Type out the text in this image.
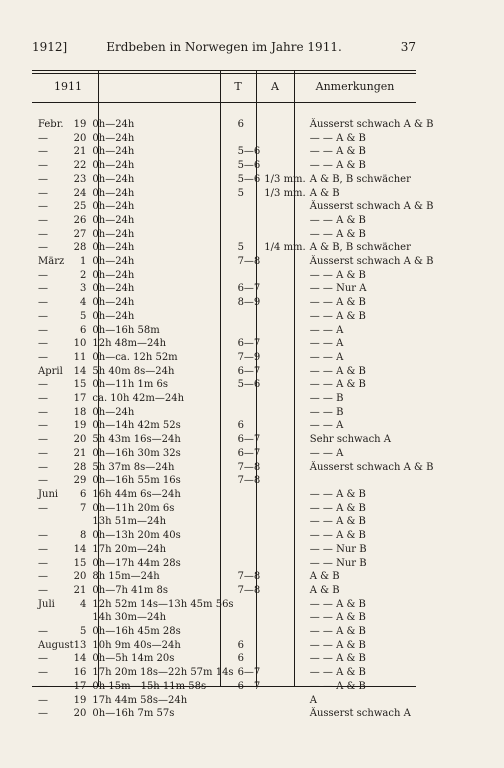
1912]	Erdbeben in Norwegen im Jahre 1911.	37
1911	T	A	Anmerkungen
Febr.	19	0h—24h	6		Äusserst schwach A & B
—	20	0h—24h			— — A & B
—	21	0h—24h	5—6		— — A & B
—	22	0h—24h	5—6		— — A & B
—	23	0h—24h	5—6	1/3 mm.	A & B, B schwächer
—	24	0h—24h	5	1/3 mm.	A & B
—	25	0h—24h			Äusserst schwach A & B
—	26	0h—24h			— — A & B
—	27	0h—24h			— — A & B
—	28	0h—24h	5	1/4 mm.	A & B, B schwächer
März	1	0h—24h	7—8		Äusserst schwach A & B
—	2	0h—24h			— — A & B
—	3	0h—24h	6—7		— — Nur A
—	4	0h—24h	8—9		— — A & B
—	5	0h—24h			— — A & B
—	6	0h—16h 58m			— — A
—	10	12h 48m—24h	6—7		— — A
—	11	0h—ca. 12h 52m	7—9		— — A
April	14	5h 40m 8s—24h	6—7		— — A & B
—	15	0h—11h 1m 6s	5—6		— — A & B
—	17	ca. 10h 42m—24h			— — B
—	18	0h—24h			— — B
—	19	0h—14h 42m 52s	6		— — A
—	20	5h 43m 16s—24h	6—7		Sehr schwach A
—	21	0h—16h 30m 32s	6—7		— — A
—	28	5h 37m 8s—24h	7—8		Äusserst schwach A & B
—	29	0h—16h 55m 16s	7—8		
Juni	6	16h 44m 6s—24h			— — A & B
—	7	0h—11h 20m 6s			— — A & B
		13h 51m—24h			— — A & B
—	8	0h—13h 20m 40s			— — A & B
—	14	17h 20m—24h			— — Nur B
—	15	0h—17h 44m 28s			— — Nur B
—	20	8h 15m—24h	7—8		A & B
—	21	0h—7h 41m 8s	7—8		A & B
Juli	4	12h 52m 14s—13h 45m 56s			— — A & B
		14h 30m—24h			— — A & B
—	5	0h—16h 45m 28s			— — A & B
August	13	10h 9m 40s—24h	6		— — A & B
—	14	0h—5h 14m 20s	6		— — A & B
—	16	17h 20m 18s—22h 57m 14s	6—7		— — A & B
—	17	0h 15m—15h 11m 58s	6—7		— — A & B
—	19	17h 44m 58s—24h			A
—	20	0h—16h 7m 57s			Äusserst schwach A
